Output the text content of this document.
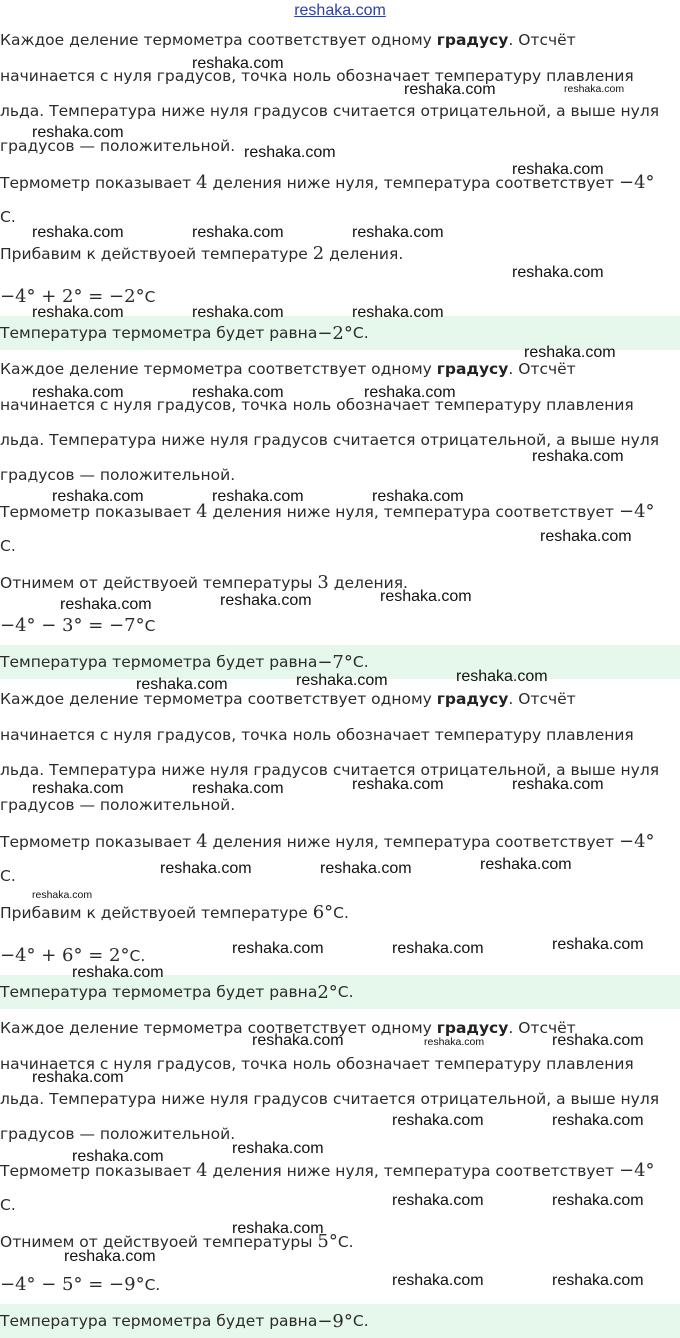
reshaka.com
Каждое деление термометра соответствует одному градусу. Отсчёт
начинается с нуля градусов, точка ноль обозначает температуру плавления
льда. Температура ниже нуля градусов считается отрицательной, а выше нуля
градусов — положительной.
Термометр показывает 4 деления ниже нуля, температура соответствует −4°
С.
Прибавим к действуоей температуре 2 деления.
−4° + 2° = −2°С
Температура термометра будет равна −2° С.
Каждое деление термометра соответствует одному градусу. Отсчёт
начинается с нуля градусов, точка ноль обозначает температуру плавления
льда. Температура ниже нуля градусов считается отрицательной, а выше нуля
градусов — положительной.
Термометр показывает 4 деления ниже нуля, температура соответствует −4°
С.
Отнимем от действуоей температуры 3 деления.
−4° − 3° = −7°С
Температура термометра будет равна −7° С.
Каждое деление термометра соответствует одному градусу. Отсчёт
начинается с нуля градусов, точка ноль обозначает температуру плавления
льда. Температура ниже нуля градусов считается отрицательной, а выше нуля
градусов — положительной.
Термометр показывает 4 деления ниже нуля, температура соответствует −4°
С.
Прибавим к действуоей температуре 6°С.
−4° + 6° = 2°С.
Температура термометра будет равна 2° С.
Каждое деление термометра соответствует одному градусу. Отсчёт
начинается с нуля градусов, точка ноль обозначает температуру плавления
льда. Температура ниже нуля градусов считается отрицательной, а выше нуля
градусов — положительной.
Термометр показывает 4 деления ниже нуля, температура соответствует −4°
С.
Отнимем от действуоей температуры 5°С.
−4° − 5° = −9°С.
Температура термометра будет равна −9° С.
reshaka.com
reshaka.com	reshaka.com
reshaka.com
reshaka.com
reshaka.com
reshaka.com	reshaka.com	reshaka.com
reshaka.com
reshaka.com	reshaka.com	reshaka.com
reshaka.com
reshaka.com	reshaka.com	reshaka.com
reshaka.com
reshaka.com	reshaka.com	reshaka.com
reshaka.com
reshaka.com	reshaka.com	reshaka.com
reshaka.com
reshaka.com	reshaka.com
reshaka.com	reshaka.com	reshaka.com	reshaka.com
reshaka.com	reshaka.com	reshaka.com
reshaka.com
reshaka.com	reshaka.com	reshaka.com
reshaka.com
reshaka.com	reshaka.com	reshaka.com
reshaka.com
reshaka.com	reshaka.com
reshaka.com
reshaka.com
reshaka.com	reshaka.com
reshaka.com
reshaka.com
reshaka.com	reshaka.com
